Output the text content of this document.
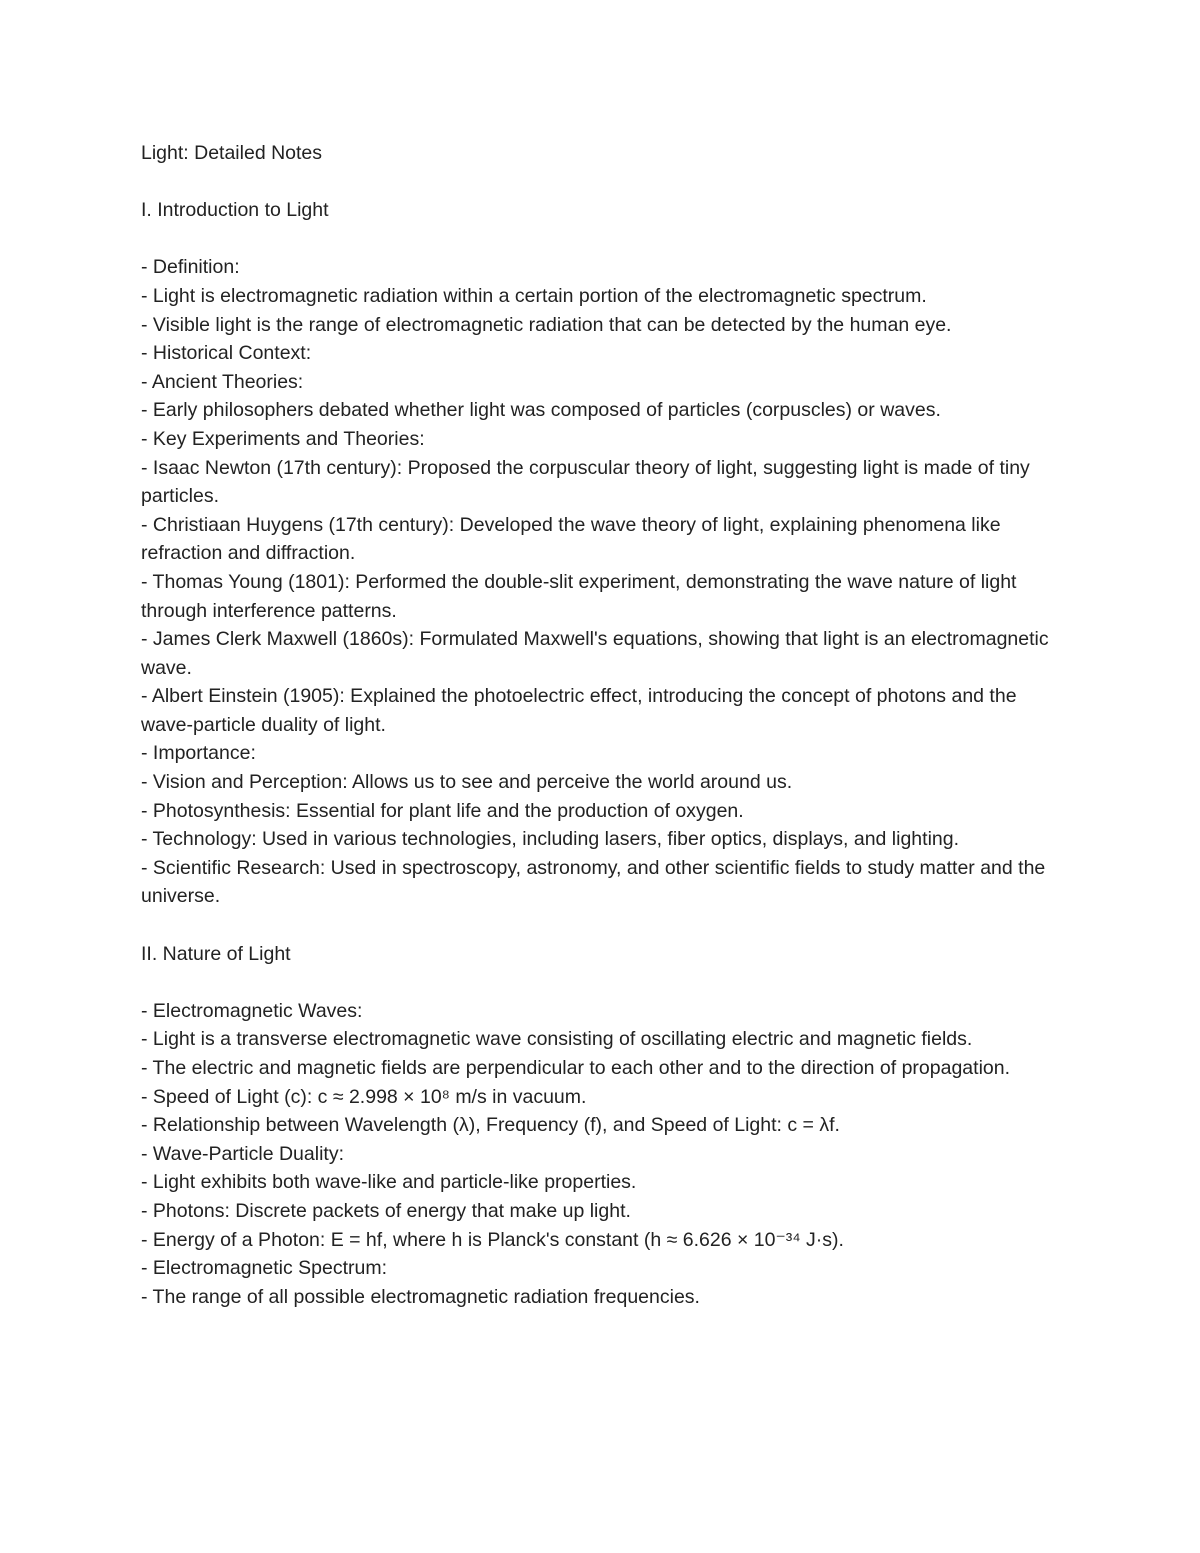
Light: Detailed Notes

I. Introduction to Light

- Definition:

- Light is electromagnetic radiation within a certain portion of the electromagnetic spectrum.

- Visible light is the range of electromagnetic radiation that can be detected by the human eye.

- Historical Context:

- Ancient Theories:

- Early philosophers debated whether light was composed of particles (corpuscles) or waves.

- Key Experiments and Theories:

- Isaac Newton (17th century): Proposed the corpuscular theory of light, suggesting light is made of tiny particles.

- Christiaan Huygens (17th century): Developed the wave theory of light, explaining phenomena like refraction and diffraction.

- Thomas Young (1801): Performed the double-slit experiment, demonstrating the wave nature of light through interference patterns.

- James Clerk Maxwell (1860s): Formulated Maxwell's equations, showing that light is an electromagnetic wave.

- Albert Einstein (1905): Explained the photoelectric effect, introducing the concept of photons and the wave-particle duality of light.

- Importance:

- Vision and Perception: Allows us to see and perceive the world around us.

- Photosynthesis: Essential for plant life and the production of oxygen.

- Technology: Used in various technologies, including lasers, fiber optics, displays, and lighting.

- Scientific Research: Used in spectroscopy, astronomy, and other scientific fields to study matter and the universe.

II. Nature of Light

- Electromagnetic Waves:

- Light is a transverse electromagnetic wave consisting of oscillating electric and magnetic fields.

- The electric and magnetic fields are perpendicular to each other and to the direction of propagation.

- Speed of Light (c): c ≈ 2.998 × 10⁸ m/s in vacuum.

- Relationship between Wavelength (λ), Frequency (f), and Speed of Light: c = λf.

- Wave-Particle Duality:

- Light exhibits both wave-like and particle-like properties.

- Photons: Discrete packets of energy that make up light.

- Energy of a Photon: E = hf, where h is Planck's constant (h ≈ 6.626 × 10⁻³⁴ J·s).

- Electromagnetic Spectrum:

- The range of all possible electromagnetic radiation frequencies.
